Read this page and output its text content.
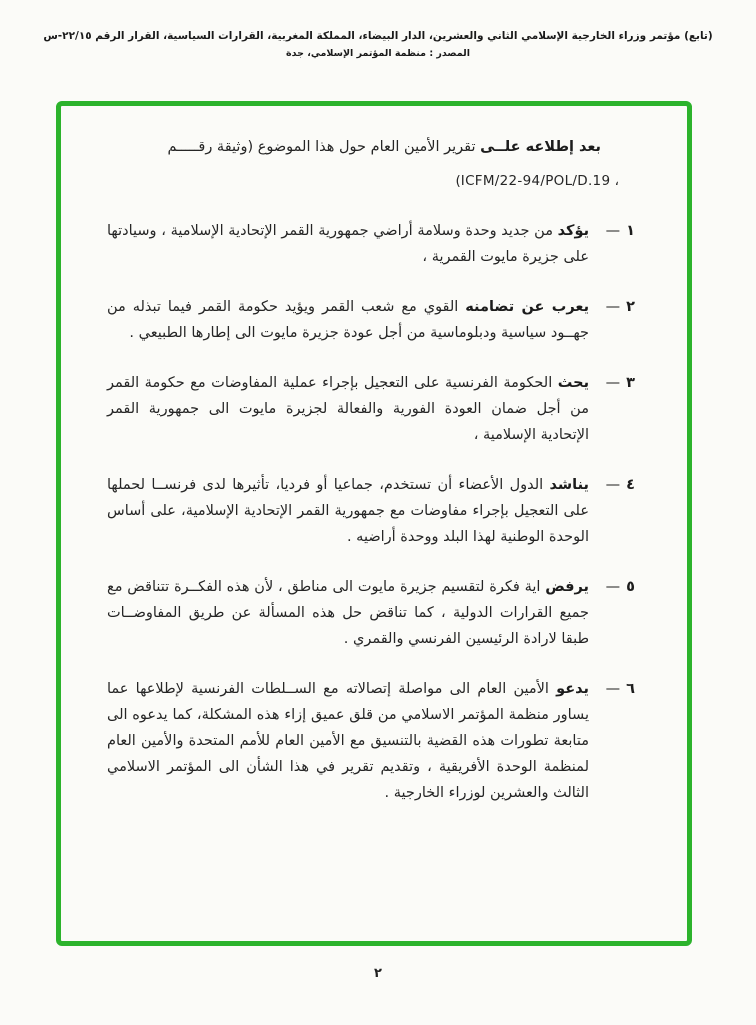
(تابع) مؤتمر وزراء الخارجية الإسلامي الثاني والعشرين، الدار البيضاء، المملكة المغربية، القرارات السياسية، القرار الرقم ٢٢/١٥-س
المصدر : منظمة المؤتمر الإسلامي، جدة

بعد إطلاعه علــى تقرير الأمين العام حول هذا الموضوع (وثيقة رقـــــم

، (ICFM/22-94/POL/D.19

١—
يؤكد من جديد وحدة وسلامة أراضي جمهورية القمر الإتحادية الإسلامية ، وسيادتها على جزيرة مايوت القمرية ،
٢—
يعرب عن تضامنه القوي مع شعب القمر ويؤيد حكومة القمر فيما تبذله من جهــود سياسية ودبلوماسية من أجل عودة جزيرة مايوت الى إطارها الطبيعي .
٣—
يحث الحكومة الفرنسية على التعجيل بإجراء عملية المفاوضات مع حكومة القمر من أجل ضمان العودة الفورية والفعالة لجزيرة مايوت الى جمهورية القمر الإتحادية الإسلامية ،
٤—
يناشد الدول الأعضاء أن تستخدم، جماعيا أو فرديا، تأثيرها لدى فرنســا لحملها على التعجيل بإجراء مفاوضات مع جمهورية القمر الإتحادية الإسلامية، على أساس الوحدة الوطنية لهذا البلد ووحدة أراضيه .
٥—
يرفض اية فكرة لتقسيم جزيرة مايوت الى مناطق ، لأن هذه الفكــرة تتناقض مع جميع القرارات الدولية ، كما تناقض حل هذه المسألة عن طريق المفاوضــات طبقا لارادة الرئيسين الفرنسي والقمري .
٦—
يدعو الأمين العام الى مواصلة إتصالاته مع الســلطات الفرنسية لإطلاعها عما يساور منظمة المؤتمر الاسلامي من قلق عميق إزاء هذه المشكلة، كما يدعوه الى متابعة تطورات هذه القضية بالتنسيق مع الأمين العام للأمم المتحدة والأمين العام لمنظمة الوحدة الأفريقية ، وتقديم تقرير في هذا الشأن الى المؤتمر الاسلامي الثالث والعشرين لوزراء الخارجية .
٢
